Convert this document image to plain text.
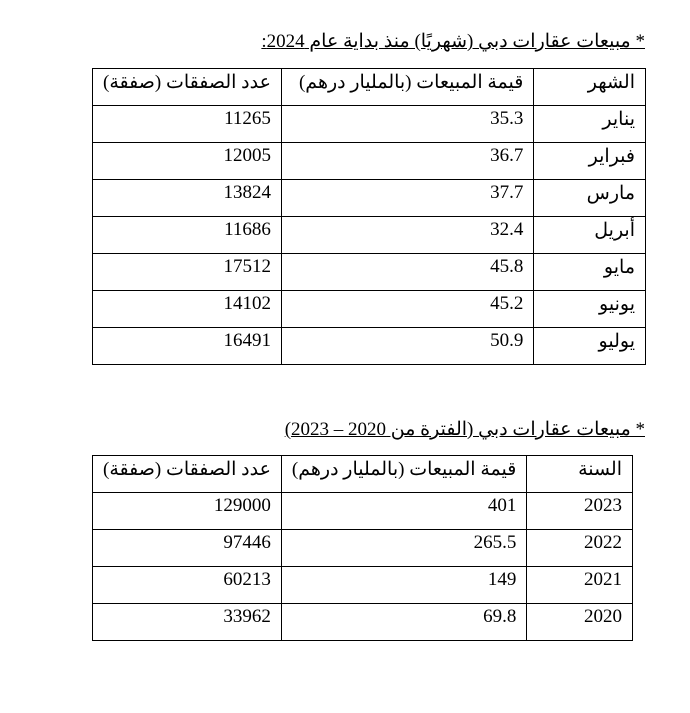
* مبيعات عقارات دبي (شهريًا) منذ بداية عام 2024:
الشهر	قيمة المبيعات (بالمليار درهم)	عدد الصفقات (صفقة)
يناير	35.3	11265

فبراير	36.7	12005

مارس	37.7	13824

أبريل	32.4	11686

مايو	45.8	17512

يونيو	45.2	14102

يوليو	50.9	16491
* مبيعات عقارات دبي (الفترة من 2020 – 2023)
السنة	قيمة المبيعات (بالمليار درهم)	عدد الصفقات (صفقة)

2023	401	129000

2022	265.5	97446

2021	149	60213

2020	69.8	33962
